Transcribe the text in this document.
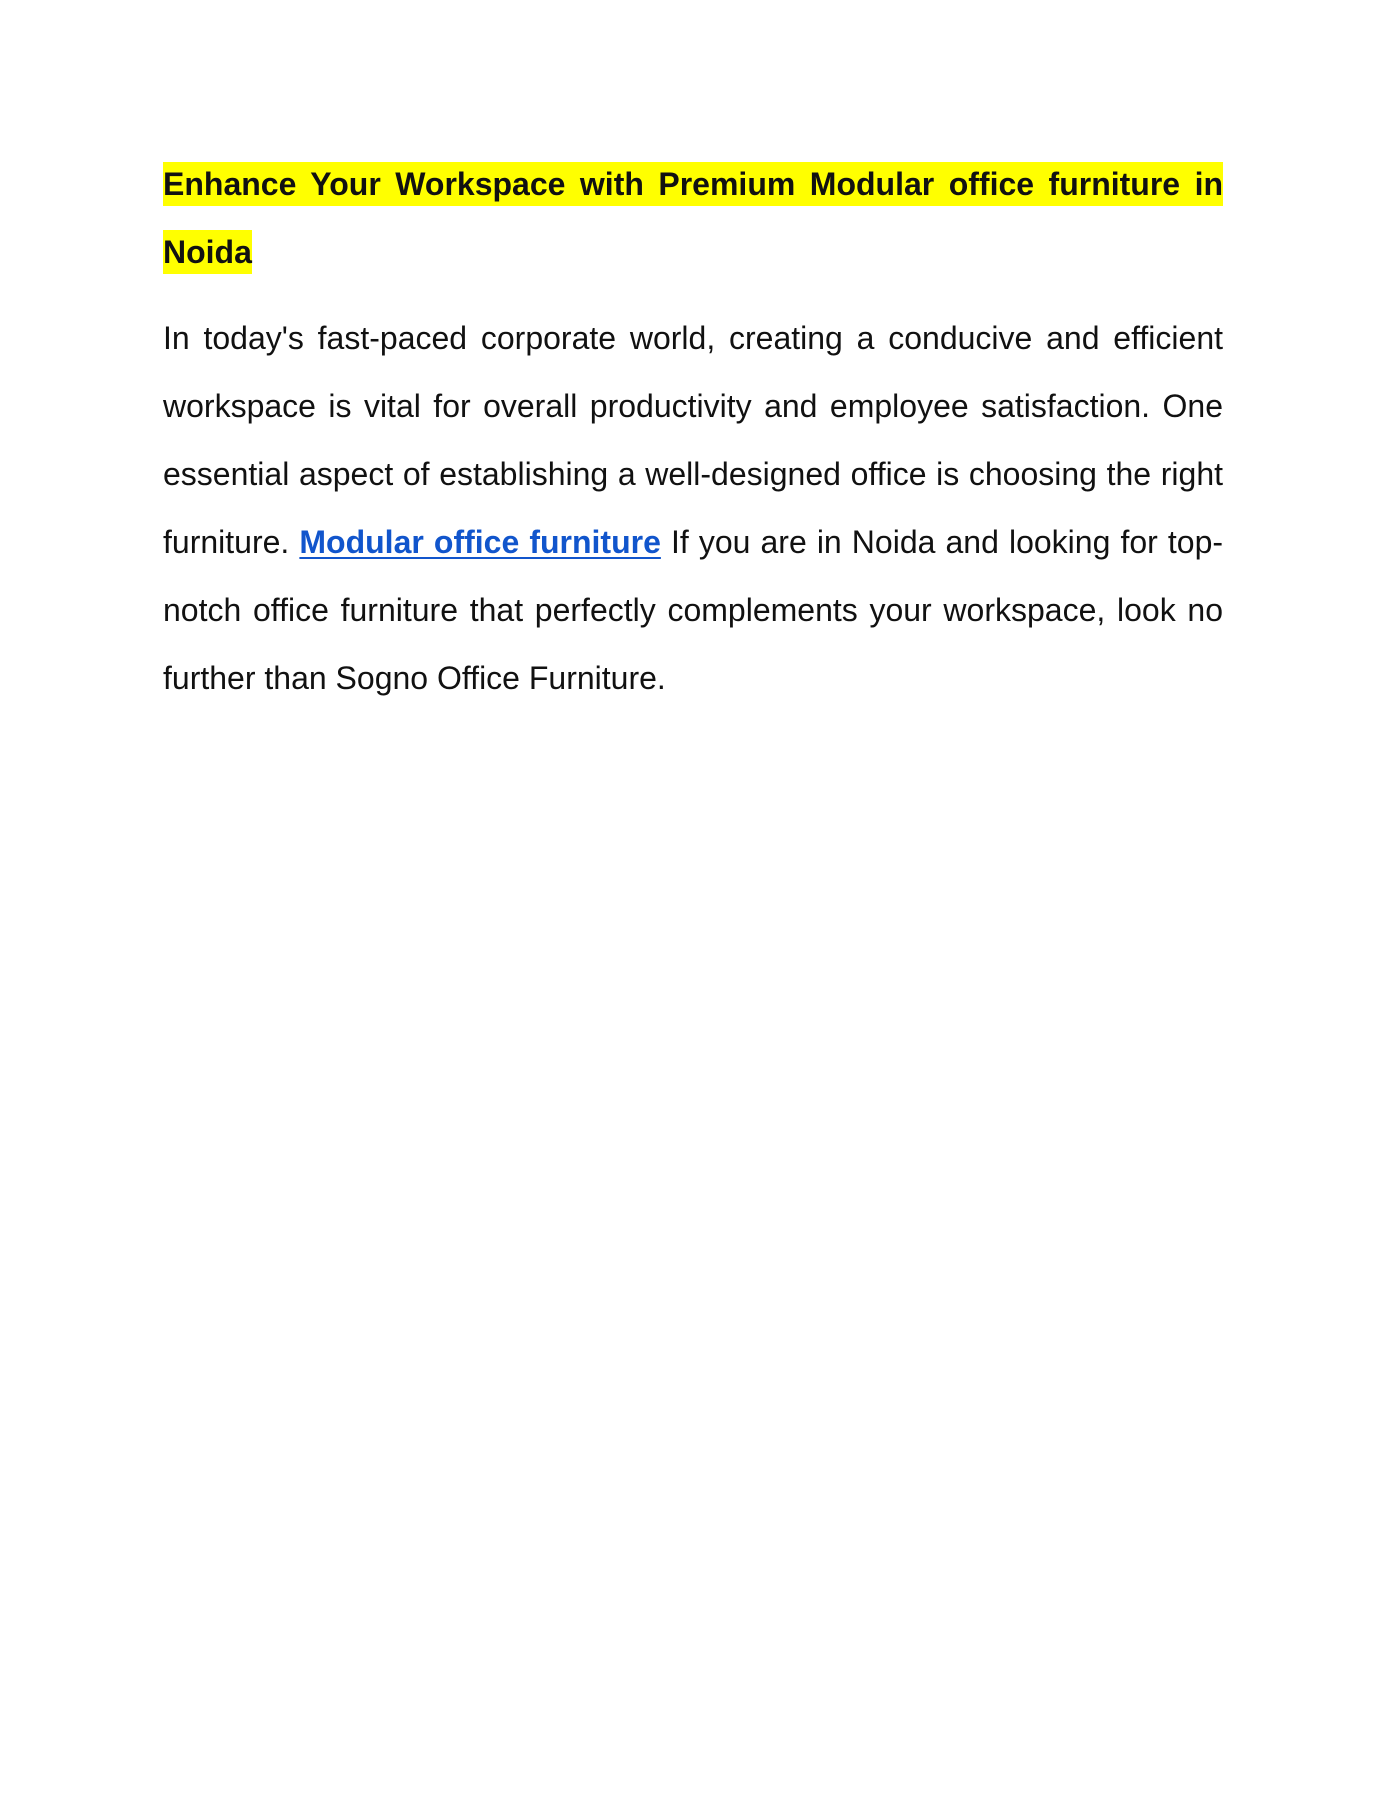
Enhance Your Workspace with Premium Modular office furniture in Noida

In today's fast-paced corporate world, creating a conducive and efficient workspace is vital for overall productivity and employee satisfaction. One essential aspect of establishing a well-designed office is choosing the right furniture. Modular office furniture If you are in Noida and looking for top-notch office furniture that perfectly complements your workspace, look no further than Sogno Office Furniture.
